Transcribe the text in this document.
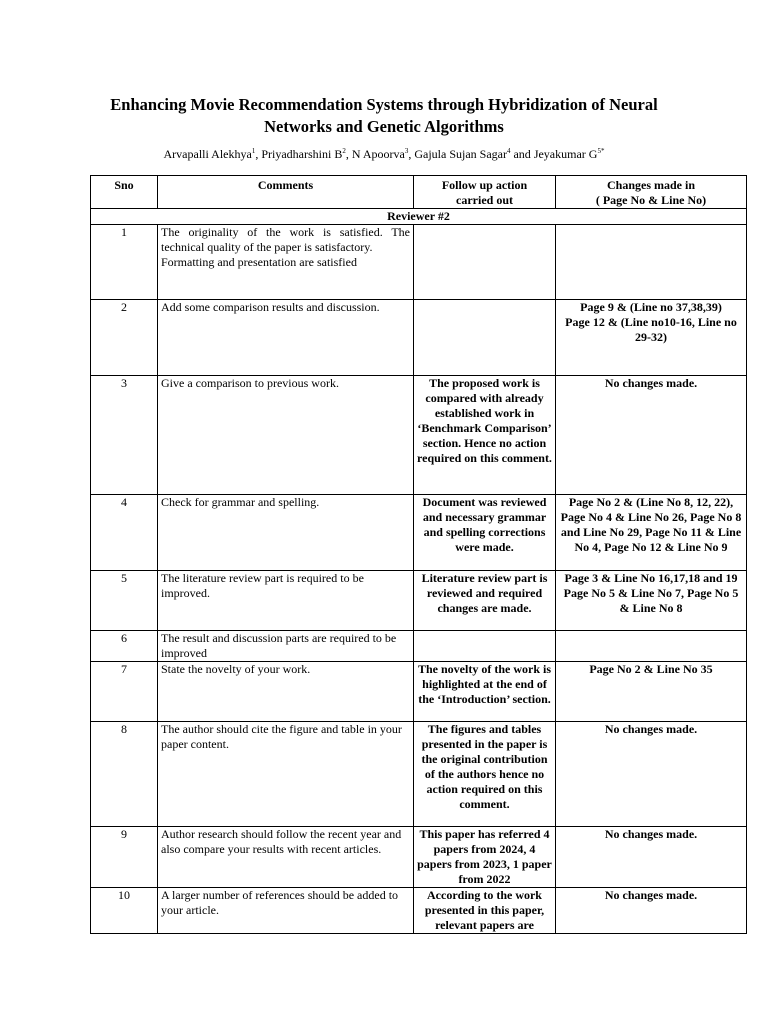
Enhancing Movie Recommendation Systems through Hybridization of Neural
Networks and Genetic Algorithms
Arvapalli Alekhya$^1$, Priyadharshini $B^2$, N Apoorva$^3$, Gajula Sujan Sagar$^4$ and Jeyakumar $G^{5*}$
Sno	Comments	Follow up action
carried out	Changes made in
( Page No & Line No)

Reviewer #2			
1	The originality of the work is satisfied. The technical quality of the paper is satisfactory.
Formatting and presentation are satisfied		

2	Add some comparison results and discussion.		Page 9 & (Line no 37,38,39)
Page 12 & (Line no10-16, Line no 29-32)

3	Give a comparison to previous work.	The proposed work is compared with already established work in ‘Benchmark Comparison’ section. Hence no action required on this comment.	No changes made.

4	Check for grammar and spelling.	Document was reviewed and necessary grammar and spelling corrections were made.	Page No 2 & (Line No 8, 12, 22), Page No 4 & Line No 26, Page No 8 and Line No 29, Page No 11 & Line No 4, Page No 12 & Line No 9

5	The literature review part is required to be improved.	Literature review part is reviewed and required changes are made.	Page 3 & Line No 16,17,18 and 19
Page No 5 & Line No 7, Page No 5 & Line No 8

6	The result and discussion parts are required to be improved		

7	State the novelty of your work.	The novelty of the work is highlighted at the end of the ‘Introduction’ section.	Page No 2 & Line No 35

8	The author should cite the figure and table in your paper content.	The figures and tables presented in the paper is the original contribution of the authors hence no action required on this comment.	No changes made.

9	Author research should follow the recent year and also compare your results with recent articles.	This paper has referred 4 papers from 2024, 4 papers from 2023, 1 paper from 2022	No changes made.

10	A larger number of references should be added to your article.	According to the work presented in this paper, relevant papers are	No changes made.
